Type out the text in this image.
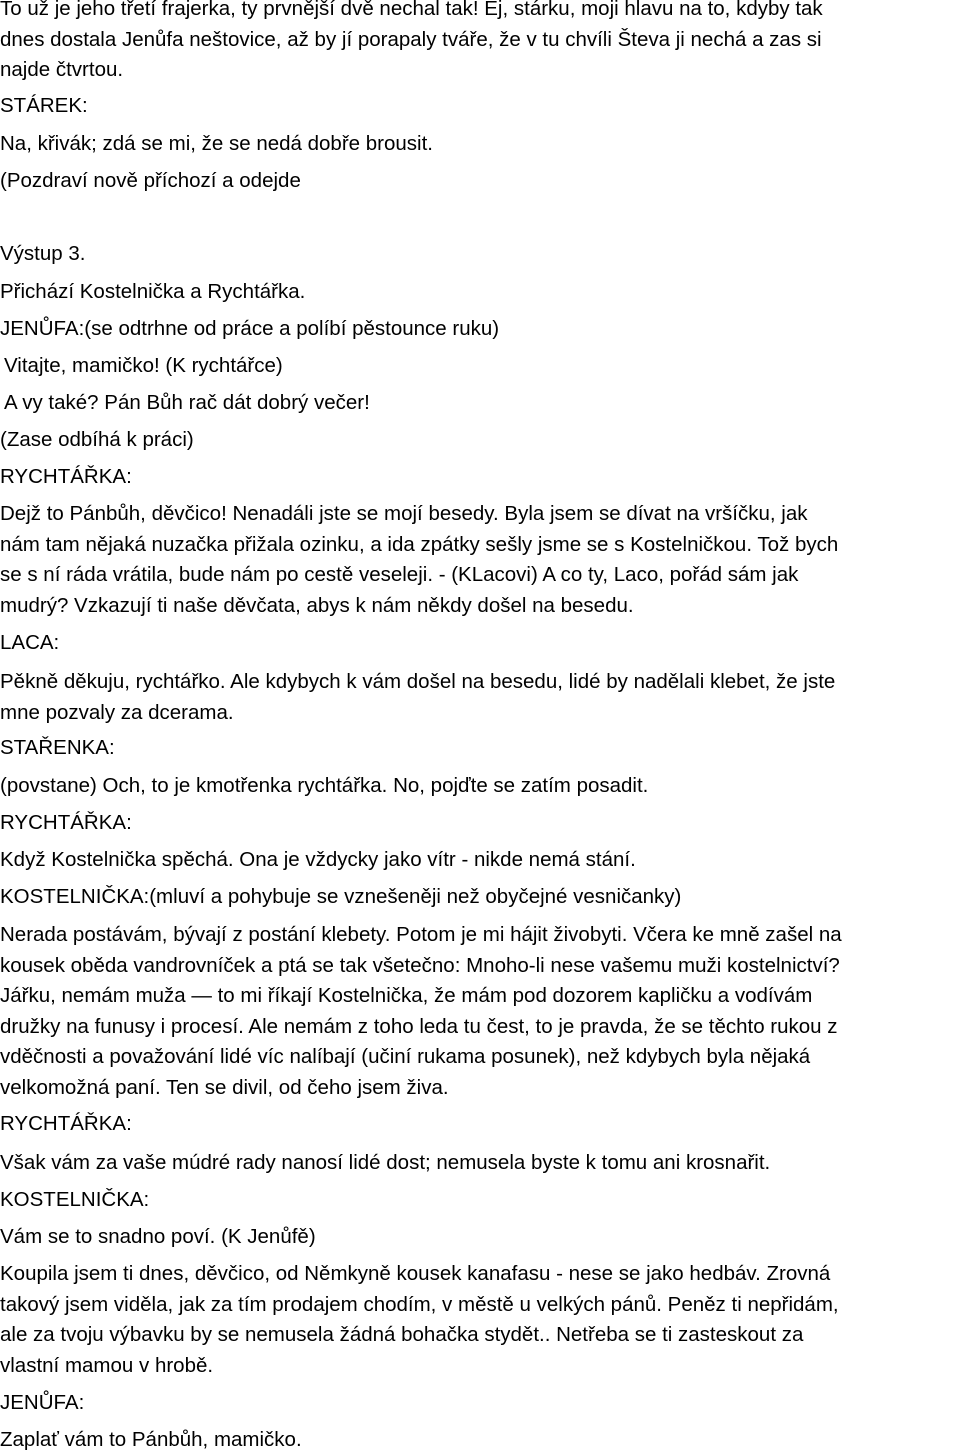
To už je jeho třetí frajerka, ty prvnější dvě nechal tak! Ej, stárku, moji hlavu na to, kdyby tak
dnes dostala Jenůfa neštovice, až by jí porapaly tváře, že v tu chvíli Števa ji nechá a zas si
najde čtvrtou.

STÁREK:

Na, křivák; zdá se mi, že se nedá dobře brousit.

(Pozdraví nově příchozí a odejde

Výstup 3.

Přichází Kostelnička a Rychtářka.

JENŮFA:(se odtrhne od práce a políbí pěstounce ruku)

Vitajte, mamičko! (K rychtářce)

A vy také? Pán Bůh rač dát dobrý večer!

(Zase odbíhá k práci)

RYCHTÁŘKA:

Dejž to Pánbůh, děvčico! Nenadáli jste se mojí besedy. Byla jsem se dívat na vršíčku, jak
nám tam nějaká nuzačka přižala ozinku, a ida zpátky sešly jsme se s Kostelničkou. Tož bych
se s ní ráda vrátila, bude nám po cestě veseleji. - (KLacovi) A co ty, Laco, pořád sám jak
mudrý? Vzkazují ti naše děvčata, abys k nám někdy došel na besedu.

LACA:

Pěkně děkuju, rychtářko. Ale kdybych k vám došel na besedu, lidé by nadělali klebet, že jste
mne pozvaly za dcerama.

STAŘENKA:

(povstane) Och, to je kmotřenka rychtářka. No, pojďte se zatím posadit.

RYCHTÁŘKA:

Když Kostelnička spěchá. Ona je vždycky jako vítr - nikde nemá stání.

KOSTELNIČKA:(mluví a pohybuje se vznešeněji než obyčejné vesničanky)

Nerada postávám, bývají z postání klebety. Potom je mi hájit živobyti. Včera ke mně zašel na
kousek oběda vandrovníček a ptá se tak všetečno: Mnoho-li nese vašemu muži kostelnictví?
Jářku, nemám muža — to mi říkají Kostelnička, že mám pod dozorem kapličku a vodívám
družky na funusy i procesí. Ale nemám z toho leda tu čest, to je pravda, že se těchto rukou z
vděčnosti a považování lidé víc nalíbají (učiní rukama posunek), než kdybych byla nějaká
velkomožná paní. Ten se divil, od čeho jsem živa.

RYCHTÁŘKA:

Však vám za vaše múdré rady nanosí lidé dost; nemusela byste k tomu ani krosnařit.

KOSTELNIČKA:

Vám se to snadno poví. (K Jenůfě)

Koupila jsem ti dnes, děvčico, od Němkyně kousek kanafasu - nese se jako hedbáv. Zrovná
takový jsem viděla, jak za tím prodajem chodím, v městě u velkých pánů. Peněz ti nepřidám,
ale za tvoju výbavku by se nemusela žádná bohačka stydět.. Netřeba se ti zasteskout za
vlastní mamou v hrobě.

JENŮFA:

Zaplať vám to Pánbůh, mamičko.
